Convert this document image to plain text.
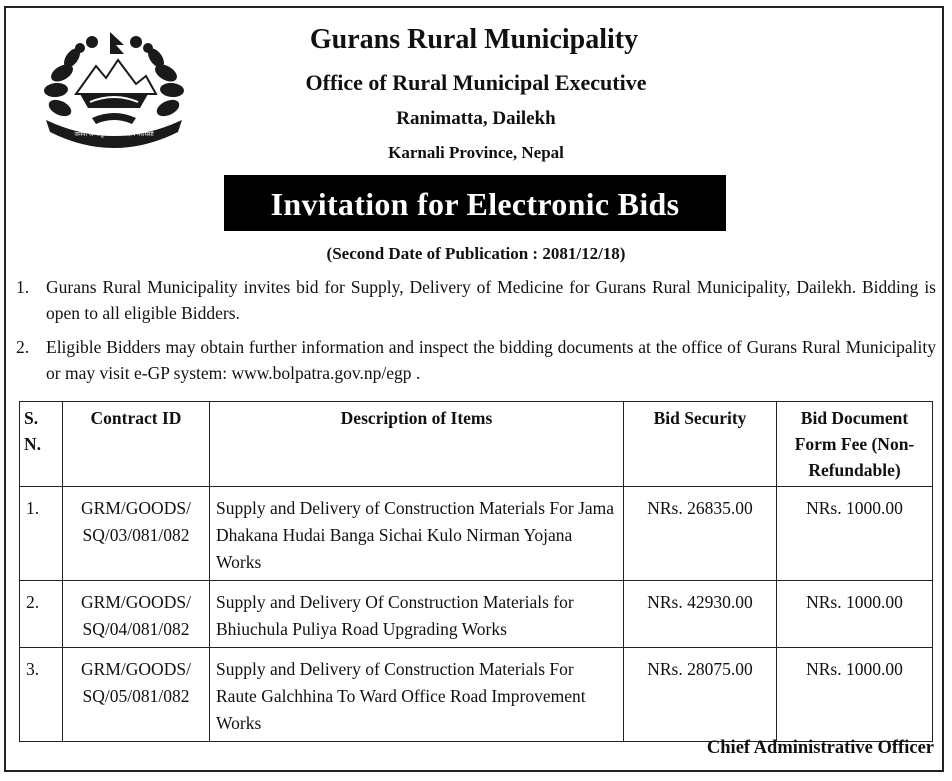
जननी जन्मभूमिश्च स्वर्गादपि गरीयसी
Gurans Rural Municipality
Office of Rural Municipal Executive
Ranimatta, Dailekh
Karnali Province, Nepal
Invitation for Electronic Bids
(Second Date of Publication : 2081/12/18)
1. Gurans Rural Municipality invites bid for Supply, Delivery of Medicine for Gurans Rural Municipality, Dailekh. Bidding is open to all eligible Bidders.
2. Eligible Bidders may obtain further information and inspect the bidding documents at the office of Gurans Rural Municipality or may visit e-GP system: www.bolpatra.gov.np/egp .
S. N.	Contract ID	Description of Items	Bid Security	Bid Document Form Fee (Non-Refundable)
1.	GRM/GOODS/ SQ/03/081/082	Supply and Delivery of Construction Materials For Jama Dhakana Hudai Banga Sichai Kulo Nirman Yojana Works	NRs. 26835.00	NRs. 1000.00
2.	GRM/GOODS/ SQ/04/081/082	Supply and Delivery Of Construction Materials for Bhiuchula Puliya Road Upgrading Works	NRs. 42930.00	NRs. 1000.00
3.	GRM/GOODS/ SQ/05/081/082	Supply and Delivery of Construction Materials For Raute Galchhina To Ward Office Road Improvement Works	NRs. 28075.00	NRs. 1000.00
Chief Administrative Officer
